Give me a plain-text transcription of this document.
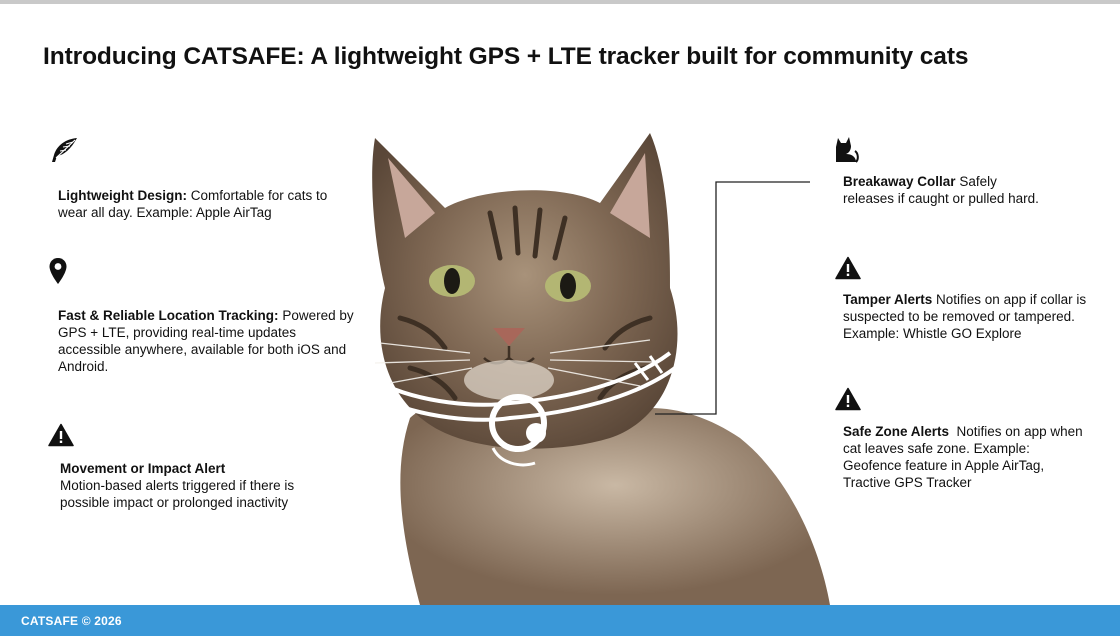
Introducing CATSAFE: A lightweight GPS + LTE tracker built for community cats
Lightweight Design: Comfortable for cats to wear all day. Example: Apple AirTag
Fast & Reliable Location Tracking: Powered by GPS + LTE, providing real-time updates accessible anywhere, available for both iOS and Android.
Movement or Impact Alert
Motion-based alerts triggered if there is possible impact or prolonged inactivity
Breakaway Collar Safely releases if caught or pulled hard.
Tamper Alerts Notifies on app if collar is suspected to be removed or tampered. Example: Whistle GO Explore
Safe Zone Alerts  Notifies on app when cat leaves safe zone. Example: Geofence feature in Apple AirTag,  Tractive GPS Tracker
CATSAFE © 2026
